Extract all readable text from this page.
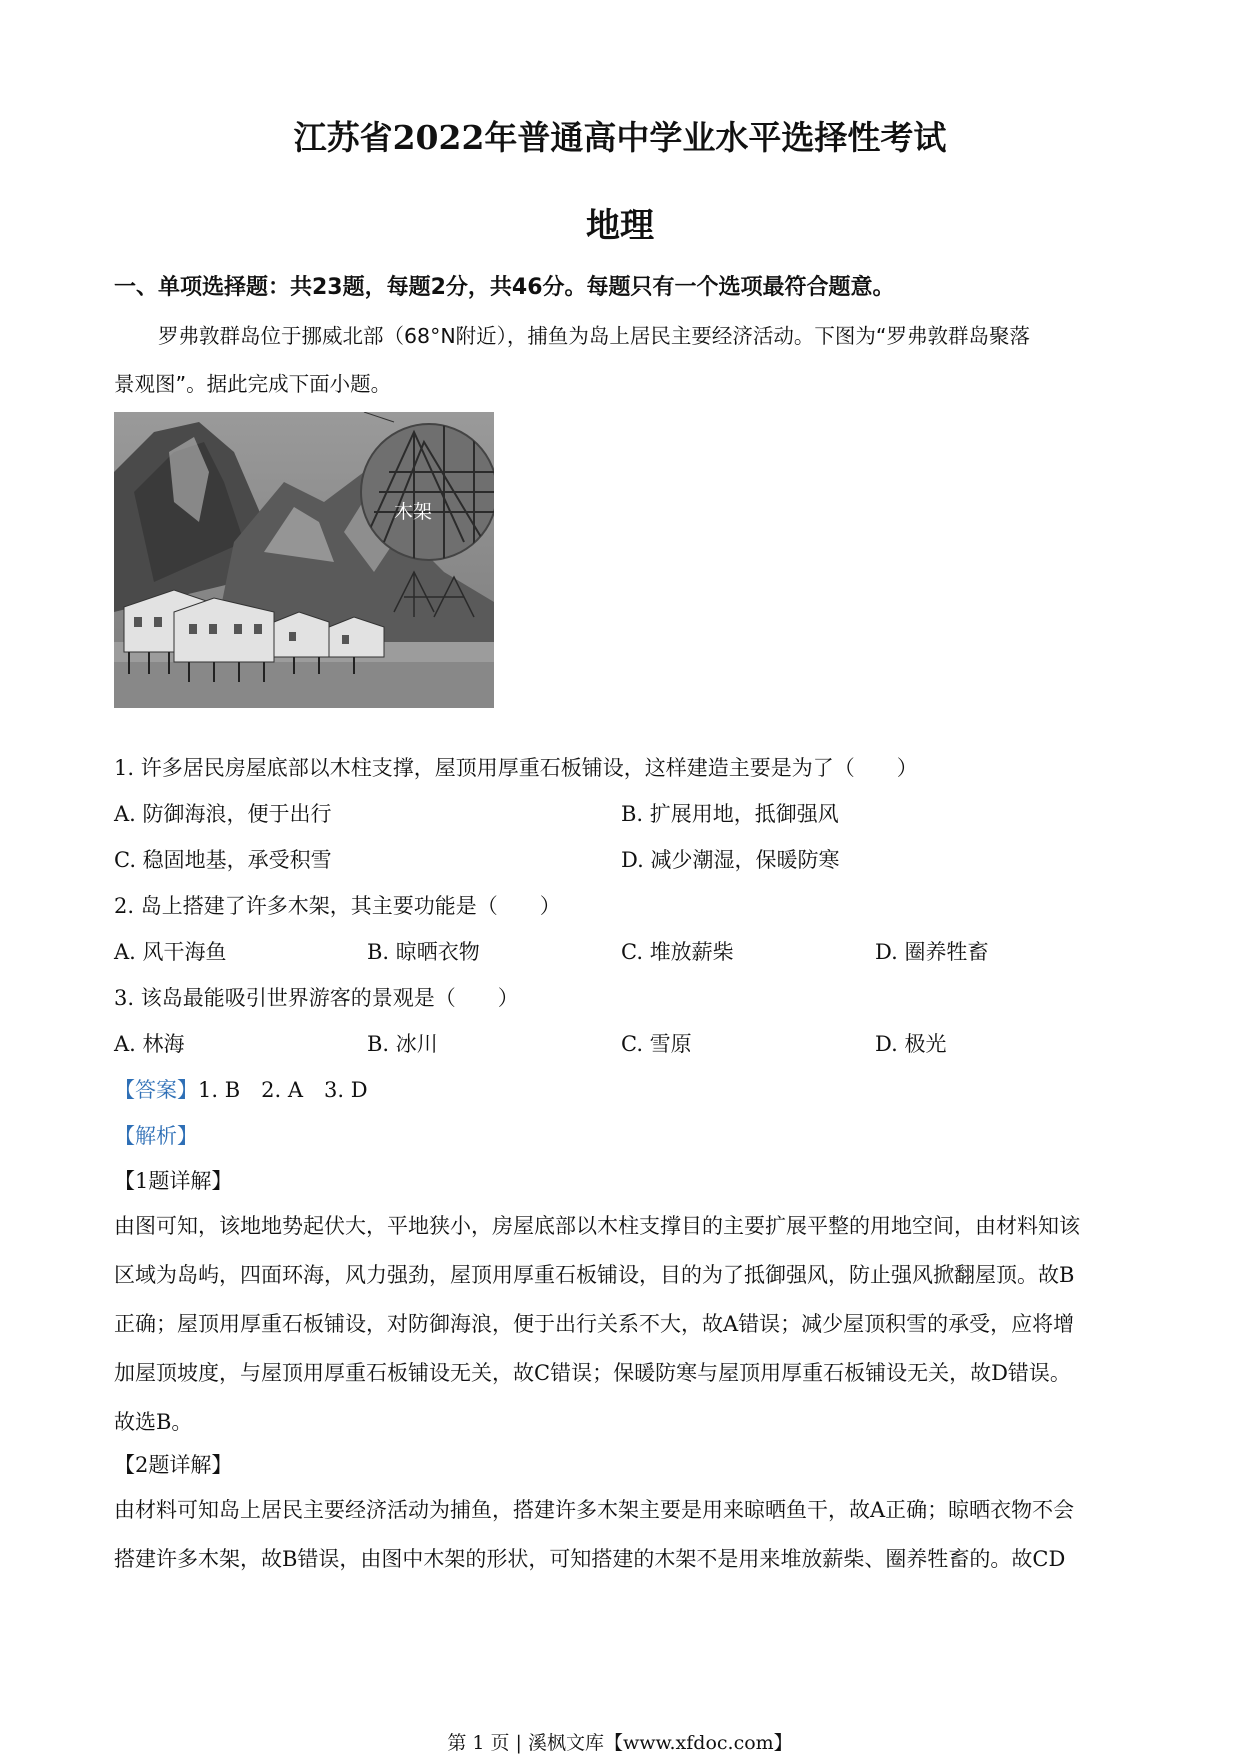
江苏省2022年普通高中学业水平选择性考试
地理
一、单项选择题：共23题，每题2分，共46分。每题只有一个选项最符合题意。
罗弗敦群岛位于挪威北部（68°N附近），捕鱼为岛上居民主要经济活动。下图为“罗弗敦群岛聚落
景观图”。据此完成下面小题。
木架
1. 许多居民房屋底部以木柱支撑，屋顶用厚重石板铺设，这样建造主要是为了（　　）
A. 防御海浪，便于出行	B. 扩展用地，抵御强风
C. 稳固地基，承受积雪	D. 减少潮湿，保暖防寒
2. 岛上搭建了许多木架，其主要功能是（　　）
A. 风干海鱼	B. 晾晒衣物	C. 堆放薪柴	D. 圈养牲畜
3. 该岛最能吸引世界游客的景观是（　　）
A. 林海	B. 冰川	C. 雪原	D. 极光
【答案】1. B　2. A　3. D
【解析】
【1题详解】
由图可知，该地地势起伏大，平地狭小，房屋底部以木柱支撑目的主要扩展平整的用地空间，由材料知该
区域为岛屿，四面环海，风力强劲，屋顶用厚重石板铺设，目的为了抵御强风，防止强风掀翻屋顶。故B
正确；屋顶用厚重石板铺设，对防御海浪，便于出行关系不大，故A错误；减少屋顶积雪的承受，应将增
加屋顶坡度，与屋顶用厚重石板铺设无关，故C错误；保暖防寒与屋顶用厚重石板铺设无关，故D错误。
故选B。
【2题详解】
由材料可知岛上居民主要经济活动为捕鱼，搭建许多木架主要是用来晾晒鱼干，故A正确；晾晒衣物不会
搭建许多木架，故B错误，由图中木架的形状，可知搭建的木架不是用来堆放薪柴、圈养牲畜的。故CD
第 1 页 | 溪枫文库【www.xfdoc.com】
